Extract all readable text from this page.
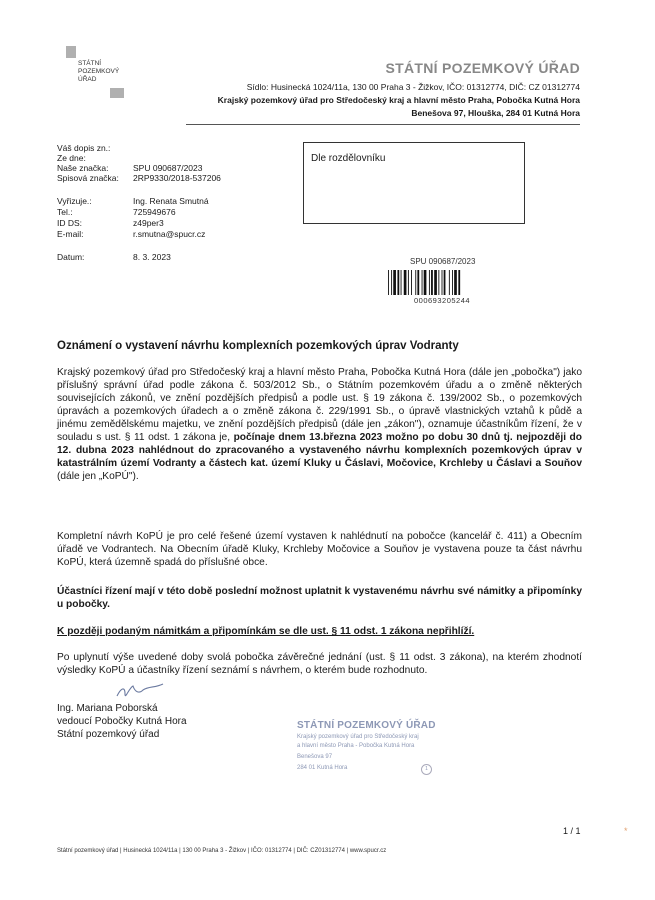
STÁTNÍ
POZEMKOVÝ
ÚŘAD
STÁTNÍ POZEMKOVÝ ÚŘAD
Sídlo: Husinecká 1024/11a, 130 00 Praha 3 - Žižkov, IČO: 01312774, DIČ: CZ 01312774
Krajský pozemkový úřad pro Středočeský kraj a hlavní město Praha, Pobočka Kutná Hora
Benešova 97, Hlouška, 284 01 Kutná Hora
Váš dopis zn.:
Ze dne:
Naše značka:	SPU 090687/2023
Spisová značka: 2RP9330/2018-537206
Vyřizuje.:	Ing. Renata Smutná
Tel.:	725949676
ID DS:	z49per3
E-mail:	r.smutna@spucr.cz
Datum:	8. 3. 2023
Dle rozdělovníku
SPU 090687/2023
000693205244
Oznámení o vystavení návrhu komplexních pozemkových úprav Vodranty
Krajský pozemkový úřad pro Středočeský kraj a hlavní město Praha, Pobočka Kutná Hora (dále jen „pobočka") jako příslušný správní úřad podle zákona č. 503/2012 Sb., o Státním pozemkovém úřadu a o změně některých souvisejících zákonů, ve znění pozdějších předpisů a podle ust. § 19 zákona č. 139/2002 Sb., o pozemkových úpravách a pozemkových úřadech a o změně zákona č. 229/1991 Sb., o úpravě vlastnických vztahů k půdě a jinému zemědělskému majetku, ve znění pozdějších předpisů (dále jen „zákon"), oznamuje účastníkům řízení, že v souladu s ust. § 11 odst. 1 zákona je, počínaje dnem 13.března 2023 možno po dobu 30 dnů tj. nejpozději do 12. dubna 2023 nahlédnout do zpracovaného a vystaveného návrhu komplexních pozemkových úprav v katastrálním území Vodranty a částech kat. území Kluky u Čáslavi, Močovice, Krchleby u Čáslavi a Souňov (dále jen „KoPÚ").
Kompletní návrh KoPÚ je pro celé řešené území vystaven k nahlédnutí na pobočce (kancelář č. 411) a Obecním úřadě ve Vodrantech. Na Obecním úřadě Kluky, Krchleby Močovice a Souňov je vystavena pouze ta část návrhu KoPÚ, která územně spadá do příslušné obce.
Účastníci řízení mají v této době poslední možnost uplatnit k vystavenému návrhu své námitky a připomínky u pobočky.
K později podaným námitkám a připomínkám se dle ust. § 11 odst. 1 zákona nepřihlíží.
Po uplynutí výše uvedené doby svolá pobočka závěrečné jednání (ust. § 11 odst. 3 zákona), na kterém zhodnotí výsledky KoPÚ a účastníky řízení seznámí s návrhem, o kterém bude rozhodnuto.
Ing. Mariana Poborská
vedoucí Pobočky Kutná Hora
Státní pozemkový úřad
STÁTNÍ POZEMKOVÝ ÚŘAD
Krajský pozemkový úřad pro Středočeský kraj
a hlavní město Praha - Pobočka Kutná Hora
Benešova 97
284 01 Kutná Hora	1
1 / 1	*
Státní pozemkový úřad | Husinecká 1024/11a | 130 00 Praha 3 - Žižkov | IČO: 01312774 | DIČ: CZ01312774 | www.spucr.cz
